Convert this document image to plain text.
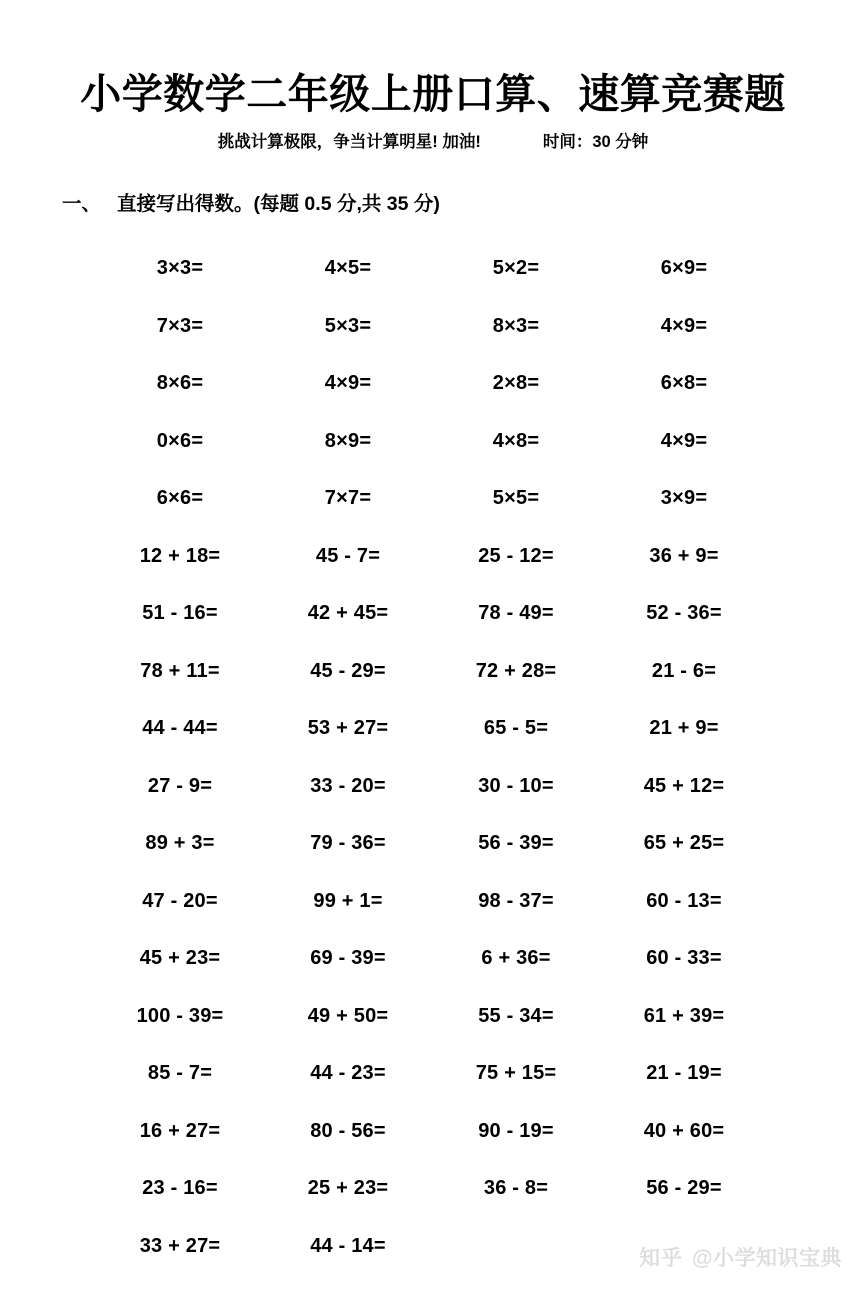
小学数学二年级上册口算、速算竞赛题
挑战计算极限，争当计算明星! 加油!	时间：30 分钟
一、 直接写出得数。(每题 0.5 分,共 35 分)
3×3=	4×5=	5×2=	6×9=
7×3=	5×3=	8×3=	4×9=
8×6=	4×9=	2×8=	6×8=
0×6=	8×9=	4×8=	4×9=
6×6=	7×7=	5×5=	3×9=
12 + 18=	45 - 7=	25 - 12=	36 + 9=
51 - 16=	42 + 45=	78 - 49=	52 - 36=
78 + 11=	45 - 29=	72 + 28=	21 - 6=
44 - 44=	53 + 27=	65 - 5=	21 + 9=
27 - 9=	33 - 20=	30 - 10=	45 + 12=
89 + 3=	79 - 36=	56 - 39=	65 + 25=
47 - 20=	99 + 1=	98 - 37=	60 - 13=
45 + 23=	69 - 39=	6 + 36=	60 - 33=
100 - 39=	49 + 50=	55 - 34=	61 + 39=
85 - 7=	44 - 23=	75 + 15=	21 - 19=
16 + 27=	80 - 56=	90 - 19=	40 + 60=
23 - 16=	25 + 23=	36 - 8=	56 - 29=
33 + 27=	44 - 14=
知乎 @小学知识宝典
